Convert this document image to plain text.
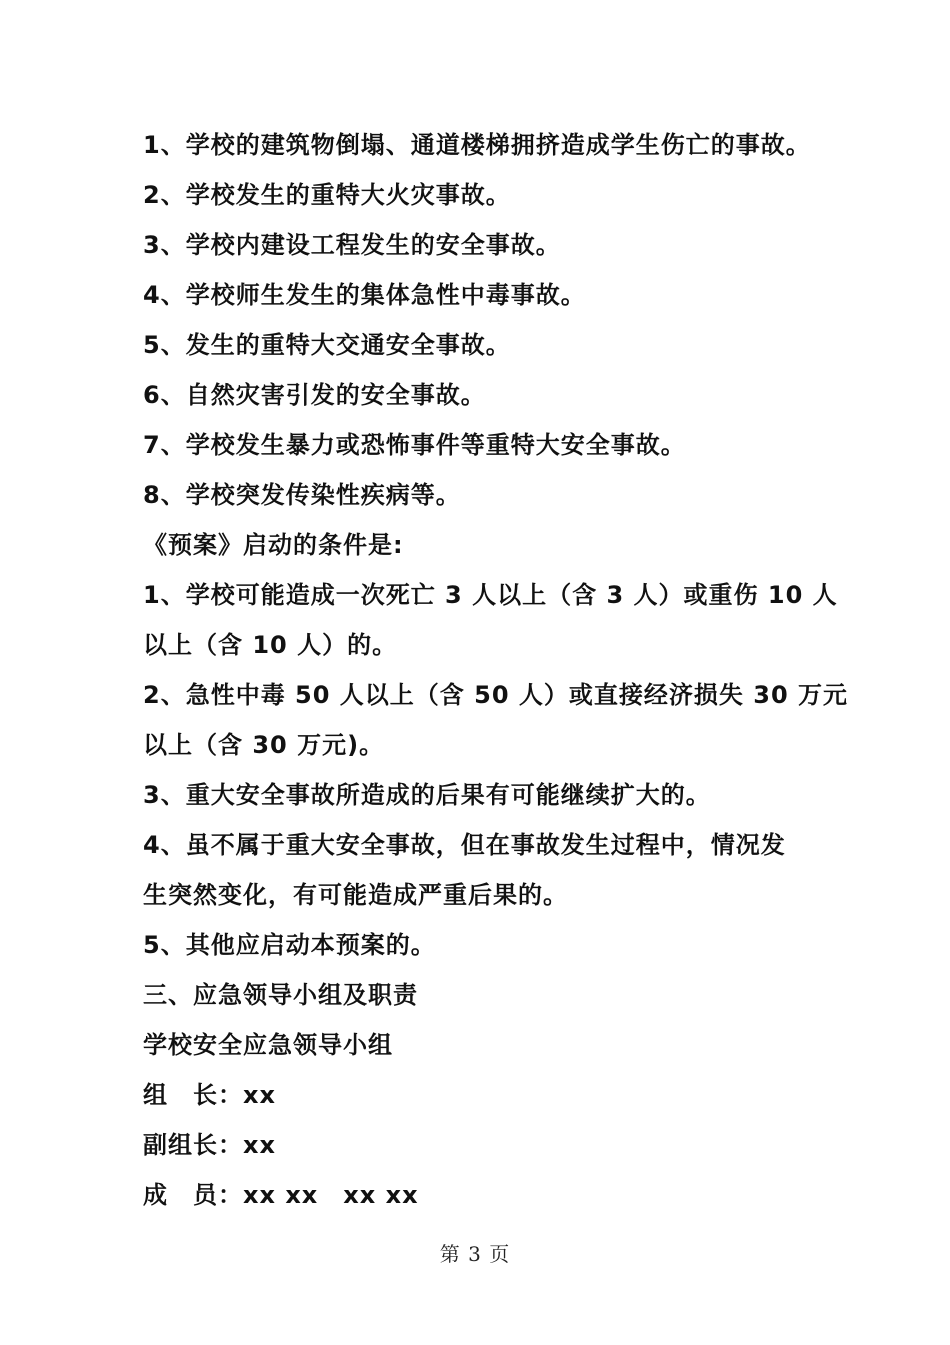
1、学校的建筑物倒塌、通道楼梯拥挤造成学生伤亡的事故。
2、学校发生的重特大火灾事故。
3、学校内建设工程发生的安全事故。
4、学校师生发生的集体急性中毒事故。
5、发生的重特大交通安全事故。
6、自然灾害引发的安全事故。
7、学校发生暴力或恐怖事件等重特大安全事故。
8、学校突发传染性疾病等。
《预案》启动的条件是:
1、学校可能造成一次死亡 3 人以上（含 3 人）或重伤 10 人
以上（含 10 人）的。
2、急性中毒 50 人以上（含 50 人）或直接经济损失 30 万元
以上（含 30 万元)。
3、重大安全事故所造成的后果有可能继续扩大的。
4、虽不属于重大安全事故，但在事故发生过程中，情况发
生突然变化，有可能造成严重后果的。
5、其他应启动本预案的。
三、应急领导小组及职责
学校安全应急领导小组
组　长：xx
副组长：xx
成　员：xx xx　xx xx
第 3 页
